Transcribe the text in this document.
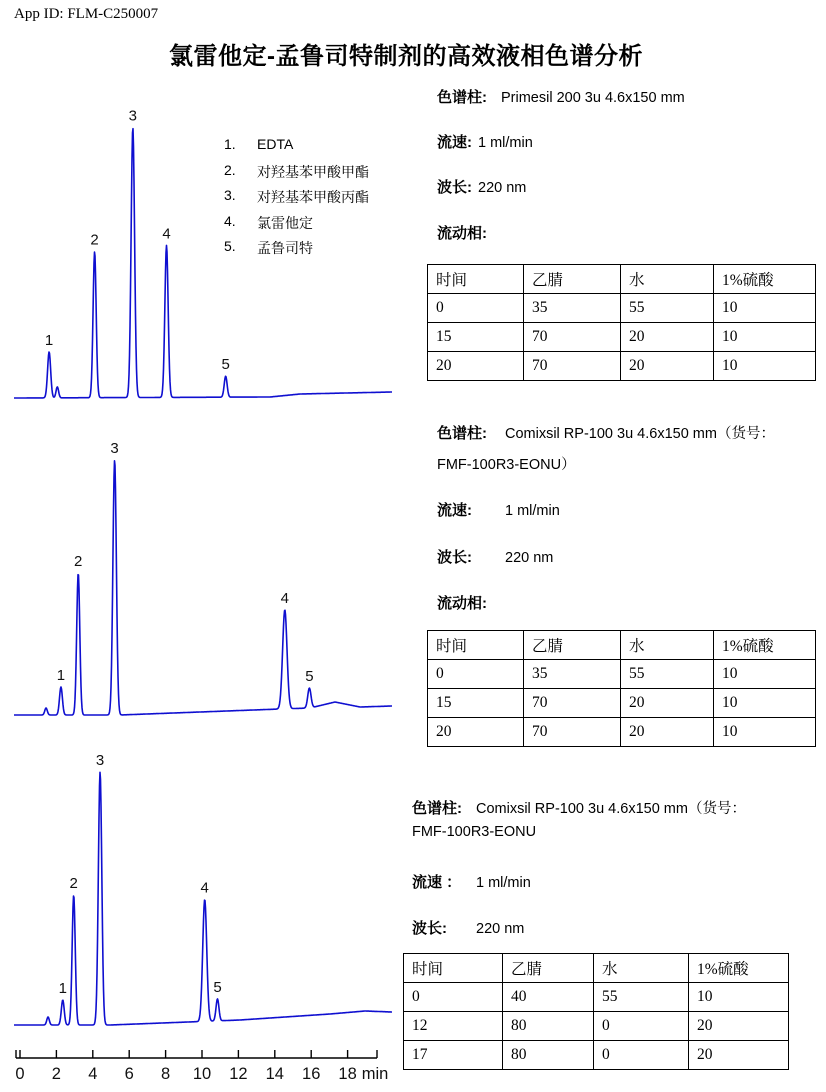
App ID: FLM-C250007
氯雷他定-孟鲁司特制剂的高效液相色谱分析
1
2
3
4
5
1
2
3
4
5
1
2
3
4
5
0 2 4 6 8 10 12 14 16 18 min
1.	EDTA
2.	对羟基苯甲酸甲酯
3.	对羟基苯甲酸丙酯
4.	氯雷他定
5.	孟鲁司特
色谱柱: Primesil 200 3u 4.6x150 mm
流速: 1 ml/min
波长: 220 nm
流动相:
时间	乙腈	水	1%硫酸
0	35	55	10
15	70	20	10
20	70	20	10
色谱柱: Comixsil RP-100 3u 4.6x150 mm（货号：
FMF-100R3-EONU）
流速: 1 ml/min
波长: 220 nm
流动相:
时间	乙腈	水	1%硫酸
0	35	55	10
15	70	20	10
20	70	20	10
色谱柱: Comixsil RP-100 3u 4.6x150 mm（货号：
FMF-100R3-EONU
流速 ： 1 ml/min
波长: 220 nm
时间	乙腈	水	1%硫酸
0	40	55	10
12	80	0	20
17	80	0	20
